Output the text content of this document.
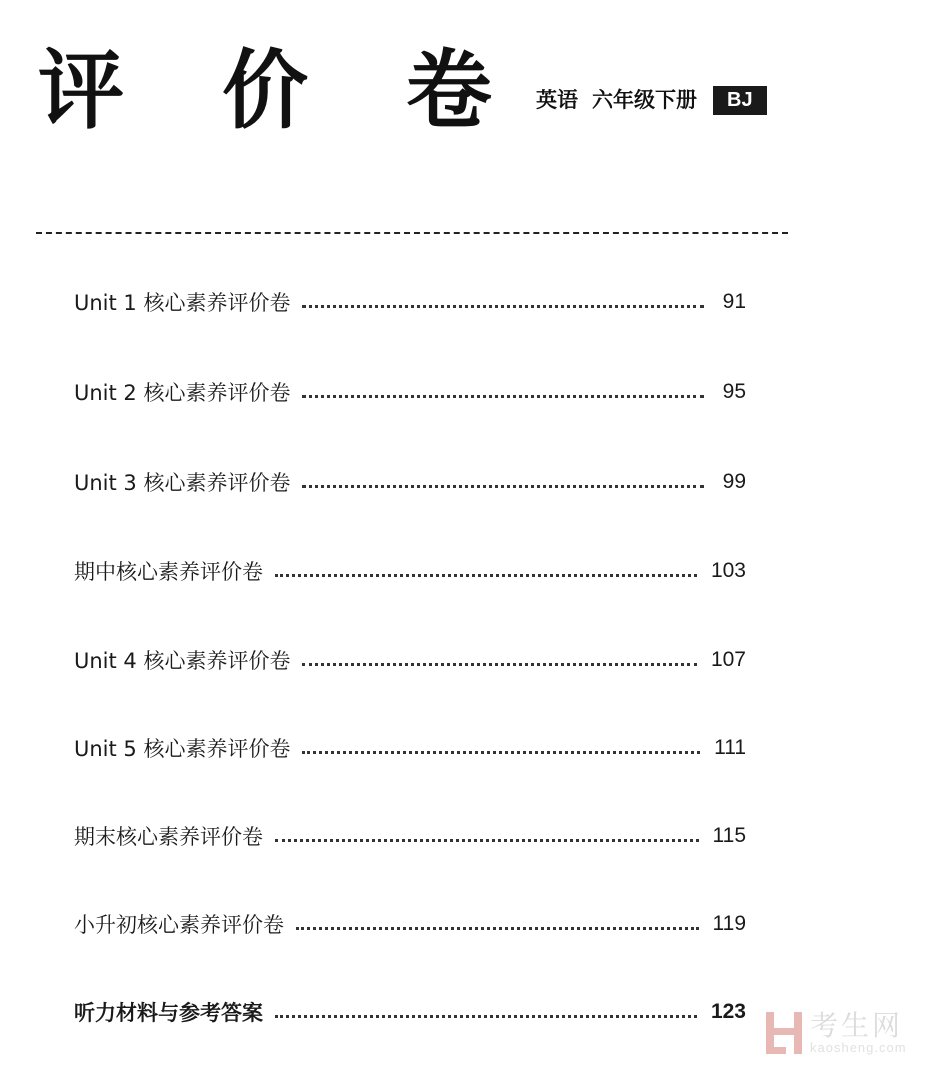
评 价 卷 英语 六年级下册	BJ
Unit 1 核心素养评价卷	91
Unit 2 核心素养评价卷	95
Unit 3 核心素养评价卷	99
期中核心素养评价卷	103
Unit 4 核心素养评价卷	107
Unit 5 核心素养评价卷	111
期末核心素养评价卷	115
小升初核心素养评价卷	119
听力材料与参考答案	123 考生网
kaosheng.com
